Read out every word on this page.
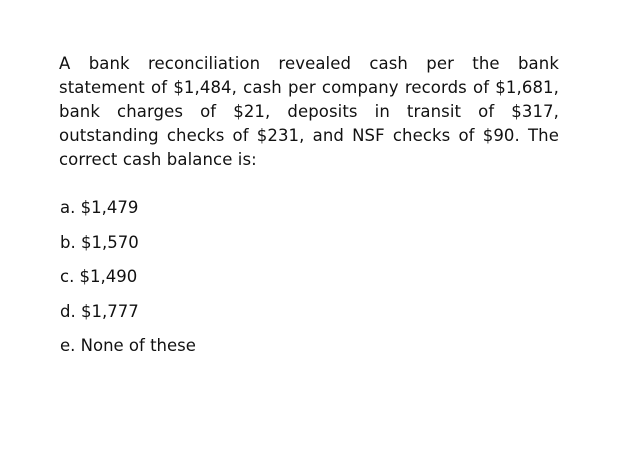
A bank reconciliation revealed cash per the bank
statement of $1,484, cash per company records of $1,681,
bank charges of $21, deposits in transit of $317,
outstanding checks of $231, and NSF checks of $90. The
correct cash balance is:
a. $1,479
b. $1,570
c. $1,490
d. $1,777
e. None of these
